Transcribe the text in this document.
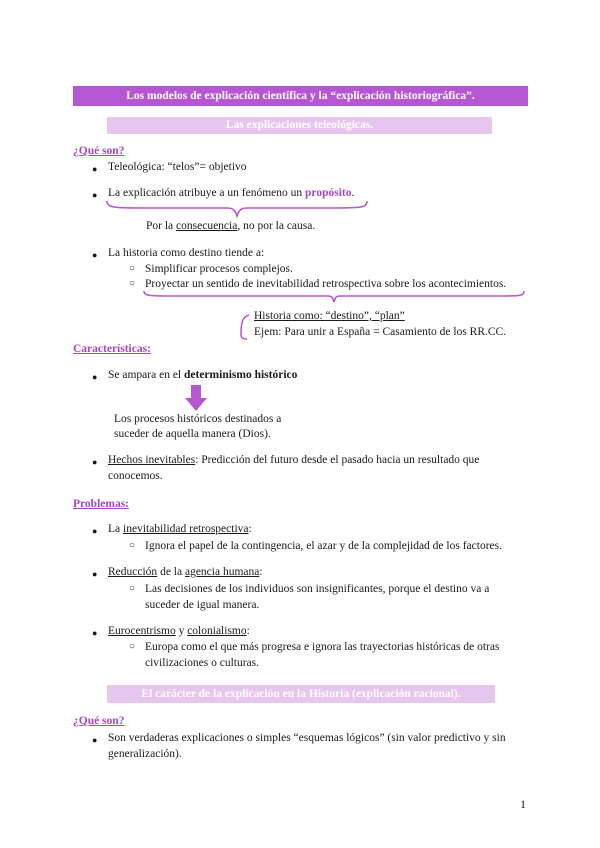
Los modelos de explicación científica y la “explicación historiográfica”.
Las explicaciones teleológicas.
¿Qué son?
● Teleológica: “telos”= objetivo
● La explicación atribuye a un fenómeno un propósito.
Por la consecuencia, no por la causa.
● La historia como destino tiende a:
○ Simplificar procesos complejos.
○ Proyectar un sentido de inevitabilidad retrospectiva sobre los acontecimientos.
Historia como: “destino”, “plan”
Ejem: Para unir a España = Casamiento de los RR.CC.
Características:
● Se ampara en el determinismo histórico
Los procesos históricos destinados a
suceder de aquella manera (Dios).
● Hechos inevitables: Predicción del futuro desde el pasado hacia un resultado que
conocemos.
Problemas:
● La inevitabilidad retrospectiva:
○ Ignora el papel de la contingencia, el azar y de la complejidad de los factores.
● Reducción de la agencia humana:
○ Las decisiones de los individuos son insignificantes, porque el destino va a
suceder de igual manera.
● Eurocentrismo y colonialismo:
○ Europa como el que más progresa e ignora las trayectorias históricas de otras
civilizaciones o culturas.
El carácter de la explicación en la Historia (explicación racional).
¿Qué son?
● Son verdaderas explicaciones o simples “esquemas lógicos” (sin valor predictivo y sin
generalización).
1
